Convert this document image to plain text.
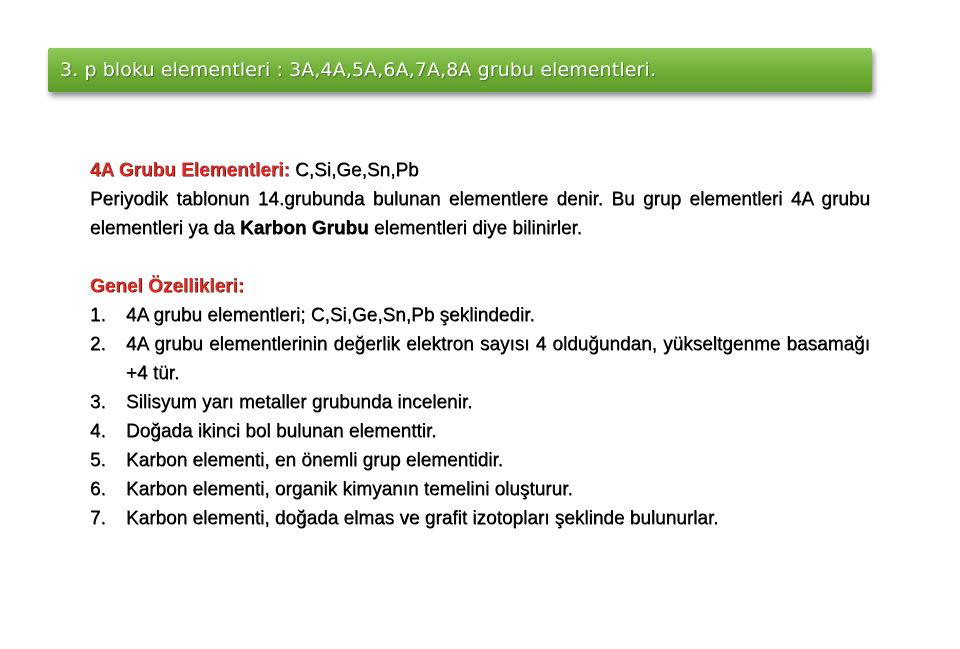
3. p bloku elementleri : 3A,4A,5A,6A,7A,8A grubu elementleri.

4A Grubu Elementleri: C,Si,Ge,Sn,Pb

Periyodik tablonun 14.grubunda bulunan elementlere denir. Bu grup elementleri 4A grubu elementleri ya da Karbon Grubu elementleri diye bilinirler.

Genel Özellikleri:

1. 4A grubu elementleri; C,Si,Ge,Sn,Pb şeklindedir.
2. 4A grubu elementlerinin değerlik elektron sayısı 4 olduğundan, yükseltgenme basamağı +4 tür.
3. Silisyum yarı metaller grubunda incelenir.
4. Doğada ikinci bol bulunan elementtir.
5. Karbon elementi, en önemli grup elementidir.
6. Karbon elementi, organik kimyanın temelini oluşturur.
7. Karbon elementi, doğada elmas ve grafit izotopları şeklinde bulunurlar.
